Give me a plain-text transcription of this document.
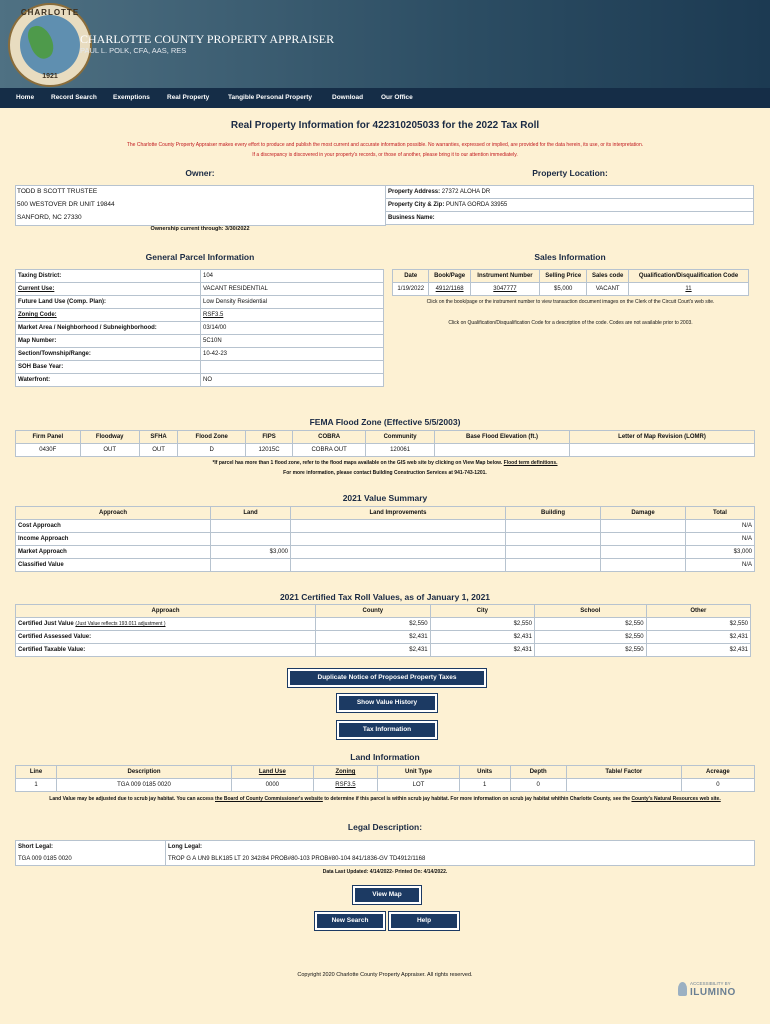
CHARLOTTE
1921
CHARLOTTE COUNTY PROPERTY APPRAISER
PAUL L. POLK, CFA, AAS, RES
Home	Record Search Exemptions	Real Property	Tangible Personal Property	Download	Our Office
Real Property Information for 422310205033 for the 2022 Tax Roll
The Charlotte County Property Appraiser makes every effort to produce and publish the most current and accurate information possible. No warranties, expressed or implied, are provided for the data herein, its use, or its interpretation.
If a discrepancy is discovered in your property's records, or those of another, please bring it to our attention immediately.
Owner:
TODD B SCOTT TRUSTEE
500 WESTOVER DR UNIT 19844
SANFORD, NC 27330
Ownership current through: 3/30/2022
Property Location:
Property Address: 27372 ALOHA DR
Property City & Zip: PUNTA GORDA 33955
Business Name:
General Parcel Information
Taxing District:	104
Current Use:	VACANT RESIDENTIAL
Future Land Use (Comp. Plan):	Low Density Residential
Zoning Code:	RSF3.5
Market Area / Neighborhood / Subneighborhood:	03/14/00
Map Number:	5C10N
Section/Township/Range:	10-42-23
SOH Base Year:	
Waterfront:	NO
Sales Information
Date	Book/Page	Instrument Number	Selling Price	Sales code	Qualification/Disqualification Code
1/19/2022	4912/1168	3047777	$5,000	VACANT	11
Click on the book/page or the instrument number to view transaction document images on the Clerk of the Circuit Court's web site.
Click on Qualification/Disqualification Code for a description of the code. Codes are not available prior to 2003.
FEMA Flood Zone (Effective 5/5/2003)
Firm Panel	Floodway	SFHA	Flood Zone	FIPS	COBRA	Community	Base Flood Elevation (ft.)	Letter of Map Revision (LOMR)
0430F	OUT	OUT	D	12015C	COBRA OUT	120061		
*If parcel has more than 1 flood zone, refer to the flood maps available on the GIS web site by clicking on View Map below. Flood term definitions.
For more information, please contact Building Construction Services at 941-743-1201.
2021 Value Summary
Approach	Land	Land Improvements	Building	Damage	Total
Cost Approach					N/A
Income Approach					N/A
Market Approach	$3,000				$3,000
Classified Value					N/A
2021 Certified Tax Roll Values, as of January 1, 2021
Approach	County	City	School	Other
Certified Just Value (Just Value reflects 193.011 adjustment )	$2,550	$2,550	$2,550	$2,550
Certified Assessed Value:	$2,431	$2,431	$2,550	$2,431
Certified Taxable Value:	$2,431	$2,431	$2,550	$2,431
Duplicate Notice of Proposed Property Taxes
Show Value History
Tax Information
Land Information
Line	Description	Land Use	Zoning	Unit Type	Units	Depth	Table/ Factor	Acreage
1	TGA 009 0185 0020	0000	RSF3.5	LOT	1	0		0
Land Value may be adjusted due to scrub jay habitat. You can access the Board of County Commissioner's website to determine if this parcel is within scrub jay habitat. For more information on scrub jay habitat whithin Charlotte County, see the County's Natural Resources web site.
Legal Description:
Short Legal:	Long Legal:
TGA 009 0185 0020	TROP G A UN9 BLK185 LT 20 342/84 PROB#80-103 PROB#80-104 841/1836-GV TD4912/1168
Data Last Updated: 4/14/2022- Printed On: 4/14/2022.
View Map
New Search	Help
Copyright 2020 Charlotte County Property Appraiser. All rights reserved.
ACCESSIBILITY BY
ILUMINO
